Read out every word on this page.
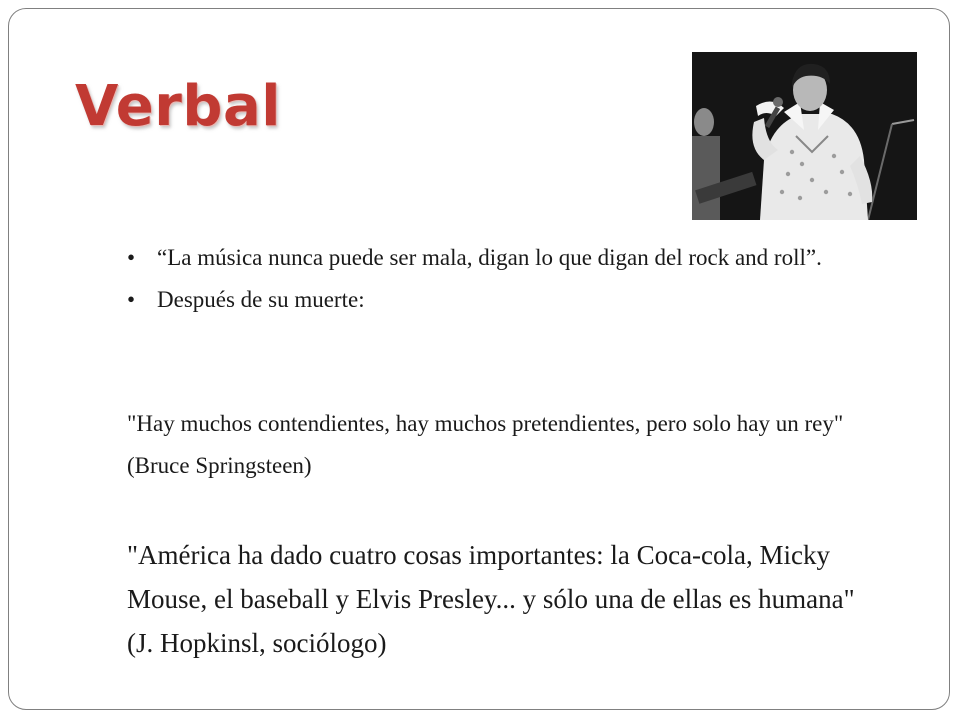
Verbal
• “La música nunca puede ser mala, digan lo que digan del rock and roll”.
• Después de su muerte:

"Hay muchos contendientes, hay muchos pretendientes, pero solo hay un rey" (Bruce Springsteen)

"América ha dado cuatro cosas importantes: la Coca-cola, Micky Mouse, el baseball y Elvis Presley... y sólo una de ellas es humana" (J. Hopkinsl, sociólogo)
